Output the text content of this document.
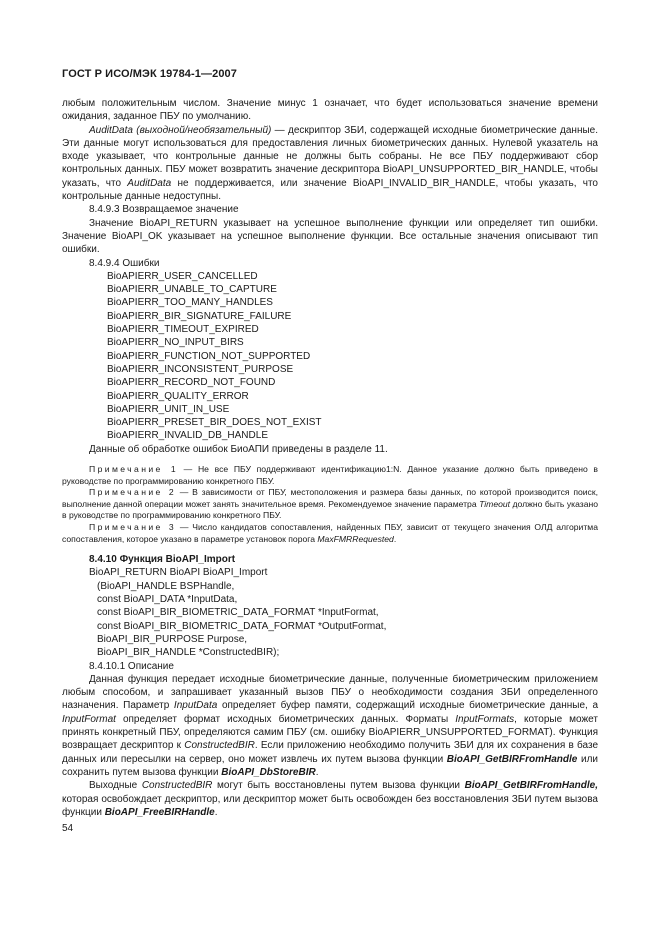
ГОСТ Р ИСО/МЭК 19784-1—2007

любым положительным числом. Значение минус 1 означает, что будет использоваться значение времени ожидания, заданное ПБУ по умолчанию.

AuditData (выходной/необязательный) — дескриптор ЗБИ, содержащей исходные биометрические данные. Эти данные могут использоваться для предоставления личных биометрических данных. Нулевой указатель на входе указывает, что контрольные данные не должны быть собраны. Не все ПБУ поддерживают сбор контрольных данных. ПБУ может возвратить значение дескриптора BioAPI_UNSUPPORTED_BIR_HANDLE, чтобы указать, что AuditData не поддерживается, или значение BioAPI_INVALID_BIR_HANDLE, чтобы указать, что контрольные данные недоступны.

8.4.9.3 Возвращаемое значение

Значение BioAPI_RETURN указывает на успешное выполнение функции или определяет тип ошибки. Значение BioAPI_OK указывает на успешное выполнение функции. Все остальные значения описывают тип ошибки.

8.4.9.4 Ошибки

BioAPIERR_USER_CANCELLED

BioAPIERR_UNABLE_TO_CAPTURE

BioAPIERR_TOO_MANY_HANDLES

BioAPIERR_BIR_SIGNATURE_FAILURE

BioAPIERR_TIMEOUT_EXPIRED

BioAPIERR_NO_INPUT_BIRS

BioAPIERR_FUNCTION_NOT_SUPPORTED

BioAPIERR_INCONSISTENT_PURPOSE

BioAPIERR_RECORD_NOT_FOUND

BioAPIERR_QUALITY_ERROR

BioAPIERR_UNIT_IN_USE

BioAPIERR_PRESET_BIR_DOES_NOT_EXIST

BioAPIERR_INVALID_DB_HANDLE

Данные об обработке ошибок БиоАПИ приведены в разделе 11.

Примечание 1 — Не все ПБУ поддерживают идентификацию1:N. Данное указание должно быть приведено в руководстве по программированию конкретного ПБУ.

Примечание 2 — В зависимости от ПБУ, местоположения и размера базы данных, по которой производится поиск, выполнение данной операции может занять значительное время. Рекомендуемое значение параметра Timeout должно быть указано в руководстве по программированию конкретного ПБУ.

Примечание 3 — Число кандидатов сопоставления, найденных ПБУ, зависит от текущего значения ОЛД алгоритма сопоставления, которое указано в параметре установок порога MaxFMRRequested.

8.4.10 Функция BioAPI_Import

BioAPI_RETURN BioAPI BioAPI_Import

(BioAPI_HANDLE BSPHandle,

const BioAPI_DATA *InputData,

const BioAPI_BIR_BIOMETRIC_DATA_FORMAT *InputFormat,

const BioAPI_BIR_BIOMETRIC_DATA_FORMAT *OutputFormat,

BioAPI_BIR_PURPOSE Purpose,

BioAPI_BIR_HANDLE *ConstructedBIR);

8.4.10.1 Описание

Данная функция передает исходные биометрические данные, полученные биометрическим приложением любым способом, и запрашивает указанный вызов ПБУ о необходимости создания ЗБИ определенного назначения. Параметр InputData определяет буфер памяти, содержащий исходные биометрические данные, а InputFormat определяет формат исходных биометрических данных. Форматы InputFormats, которые может принять конкретный ПБУ, определяются самим ПБУ (см. ошибку BioAPIERR_UNSUPPORTED_FORMAT). Функция возвращает дескриптор к ConstructedBIR. Если приложению необходимо получить ЗБИ для их сохранения в базе данных или пересылки на сервер, оно может извлечь их путем вызова функции BioAPI_GetBIRFromHandle или сохранить путем вызова функции BioAPI_DbStoreBIR.

Выходные ConstructedBIR могут быть восстановлены путем вызова функции BioAPI_GetBIRFromHandle, которая освобождает дескриптор, или дескриптор может быть освобожден без восстановления ЗБИ путем вызова функции BioAPI_FreeBIRHandle.

54
